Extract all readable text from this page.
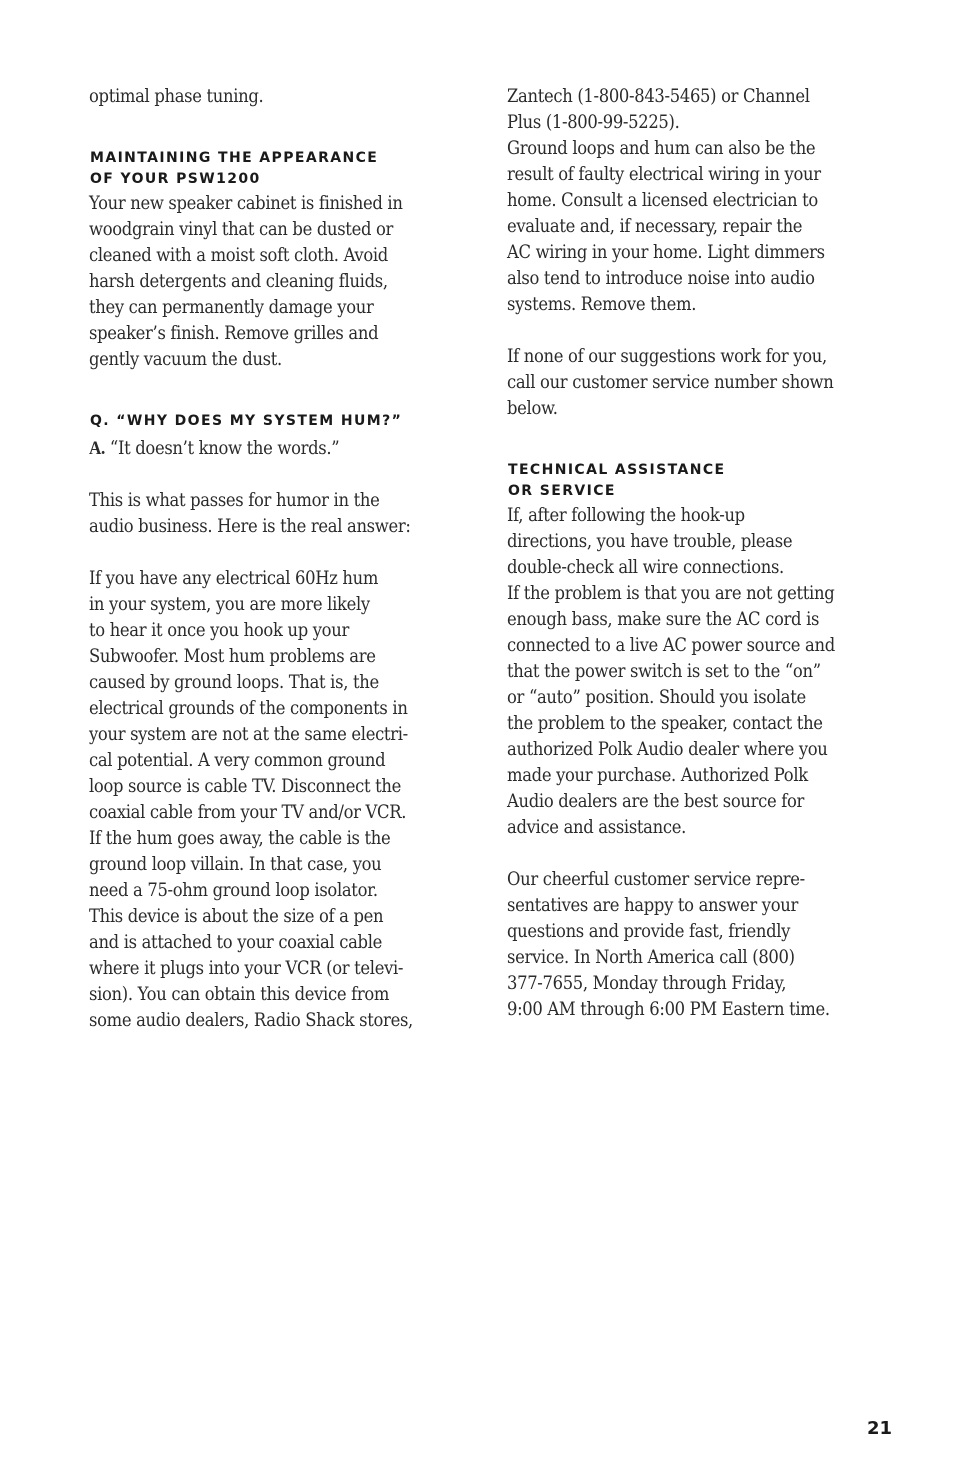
optimal phase tuning.
MAINTAINING THE APPEARANCE
OF YOUR PSW1200
Your new speaker cabinet is finished in
woodgrain vinyl that can be dusted or
cleaned with a moist soft cloth. Avoid
harsh detergents and cleaning fluids,
they can permanently damage your
speaker’s finish. Remove grilles and
gently vacuum the dust.
Q. “WHY DOES MY SYSTEM HUM?”
A. “It doesn’t know the words.”
This is what passes for humor in the
audio business. Here is the real answer:
If you have any electrical 60Hz hum
in your system, you are more likely
to hear it once you hook up your
Subwoofer. Most hum problems are
caused by ground loops. That is, the
electrical grounds of the components in
your system are not at the same electri-
cal potential. A very common ground
loop source is cable TV. Disconnect the
coaxial cable from your TV and/or VCR.
If the hum goes away, the cable is the
ground loop villain. In that case, you
need a 75-ohm ground loop isolator.
This device is about the size of a pen
and is attached to your coaxial cable
where it plugs into your VCR (or televi-
sion). You can obtain this device from
some audio dealers, Radio Shack stores,
Zantech (1-800-843-5465) or Channel
Plus (1-800-99-5225).
Ground loops and hum can also be the
result of faulty electrical wiring in your
home. Consult a licensed electrician to
evaluate and, if necessary, repair the
AC wiring in your home. Light dimmers
also tend to introduce noise into audio
systems. Remove them.
If none of our suggestions work for you,
call our customer service number shown
below.
TECHNICAL ASSISTANCE
OR SERVICE
If, after following the hook-up
directions, you have trouble, please
double-check all wire connections.
If the problem is that you are not getting
enough bass, make sure the AC cord is
connected to a live AC power source and
that the power switch is set to the “on”
or “auto” position. Should you isolate
the problem to the speaker, contact the
authorized Polk Audio dealer where you
made your purchase. Authorized Polk
Audio dealers are the best source for
advice and assistance.
Our cheerful customer service repre-
sentatives are happy to answer your
questions and provide fast, friendly
service. In North America call (800)
377-7655, Monday through Friday,
9:00 AM through 6:00 PM Eastern time.
21
